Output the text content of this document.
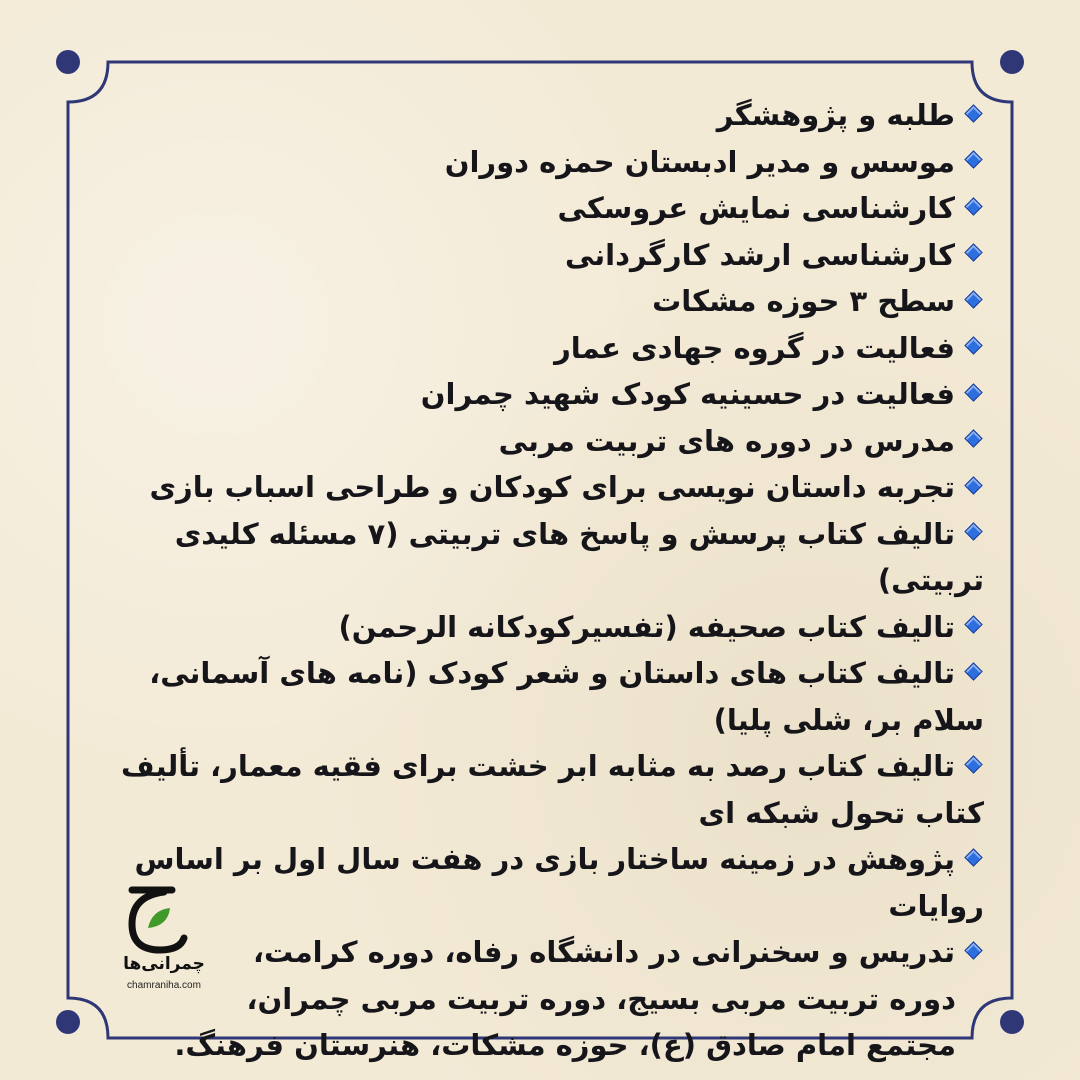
طلبه و پژوهشگر
موسس و مدیر ادبستان حمزه دوران
کارشناسی نمایش عروسکی
کارشناسی ارشد کارگردانی
سطح ۳ حوزه مشکات
فعالیت در گروه جهادی عمار
فعالیت در حسینیه کودک شهید چمران
مدرس در دوره های تربیت مربی
تجربه داستان نویسی برای کودکان و طراحی اسباب بازی
تالیف کتاب پرسش و پاسخ های تربیتی (۷ مسئله کلیدی تربیتی)
تالیف کتاب صحیفه (تفسیرکودکانه الرحمن)
تالیف کتاب های داستان و شعر کودک (نامه های آسمانی، سلام بر، شلی پلیا)
تالیف کتاب رصد به مثابه ابر خشت برای فقیه معمار، تألیف کتاب تحول شبکه ای
پژوهش در زمینه ساختار بازی در هفت سال اول بر اساس روایات
تدریس و سخنرانی در دانشگاه رفاه، دوره کرامت،
دوره تربیت مربی بسیج، دوره تربیت مربی چمران،
مجتمع امام صادق (ع)، حوزه مشکات، هنرستان فرهنگ.
چمرانی‌ها
chamraniha.com
